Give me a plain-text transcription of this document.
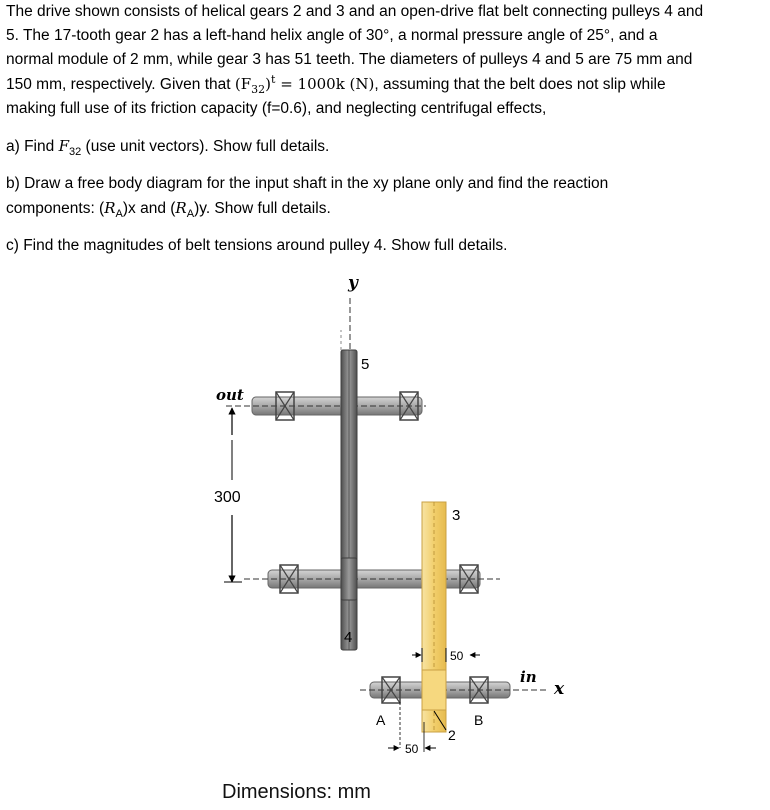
The drive shown consists of helical gears 2 and 3 and an open-drive flat belt connecting pulleys 4 and
5. The 17-tooth gear 2 has a left-hand helix angle of 30°, a normal pressure angle of 25°, and a
normal module of 2 mm, while gear 3 has 51 teeth. The diameters of pulleys 4 and 5 are 75 mm and
150 mm, respectively. Given that $(F_{32})^t = 1000k$ (N), assuming that the belt does not slip while
making full use of its friction capacity (f=0.6), and neglecting centrifugal effects,

a) Find $F_{32}$ (use unit vectors). Show full details.

b) Draw a free body diagram for the input shaft in the xy plane only and find the reaction
components: $(R_A)x$ and $(R_A)y$. Show full details.

c) Find the magnitudes of belt tensions around pulley 4. Show full details.

y
5
out
300
4
3
50
in
x
A
2
B
50
Dimensions: mm
